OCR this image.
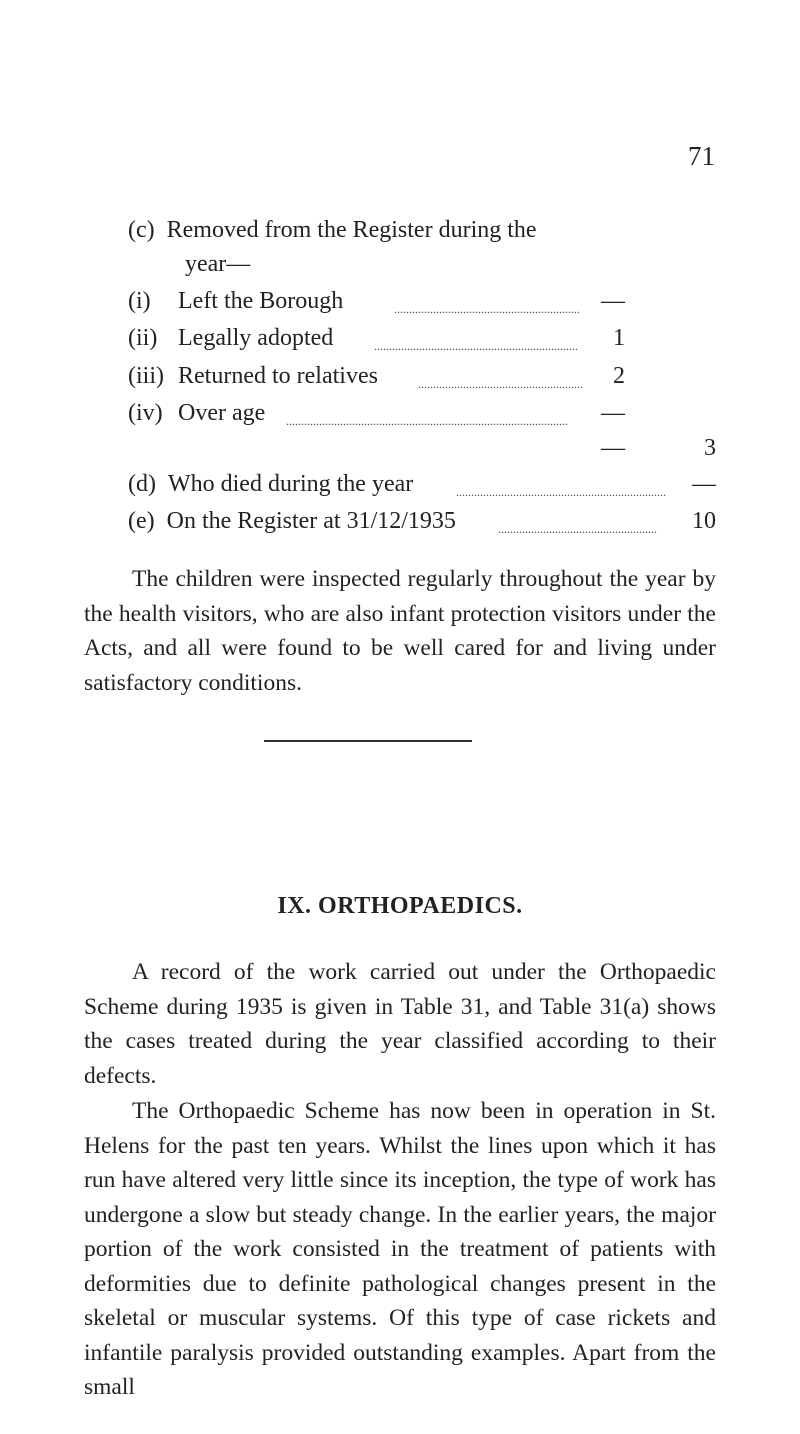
71
(c) Removed from the Register during the
year—
(i) Left the Borough	.............................................................. —
(ii) Legally adopted	....................................................................	1
(iii) Returned to relatives	.......................................................	2
(iv) Over age ..............................................................................................	—
—	3
(d) Who died during the year	......................................................................	—
(e) On the Register at 31/12/1935	.....................................................	10
The children were inspected regularly throughout the year by the health visitors, who are also infant protection visitors under the Acts, and all were found to be well cared for and living under satisfactory conditions.
IX. ORTHOPAEDICS.
A record of the work carried out under the Orthopaedic Scheme during 1935 is given in Table 31, and Table 31(a) shows the cases treated during the year classified according to their defects.
The Orthopaedic Scheme has now been in operation in St. Helens for the past ten years. Whilst the lines upon which it has run have altered very little since its inception, the type of work has undergone a slow but steady change. In the earlier years, the major portion of the work consisted in the treatment of patients with deformities due to definite pathological changes present in the skeletal or muscular systems. Of this type of case rickets and infantile paralysis provided outstanding examples. Apart from the small
